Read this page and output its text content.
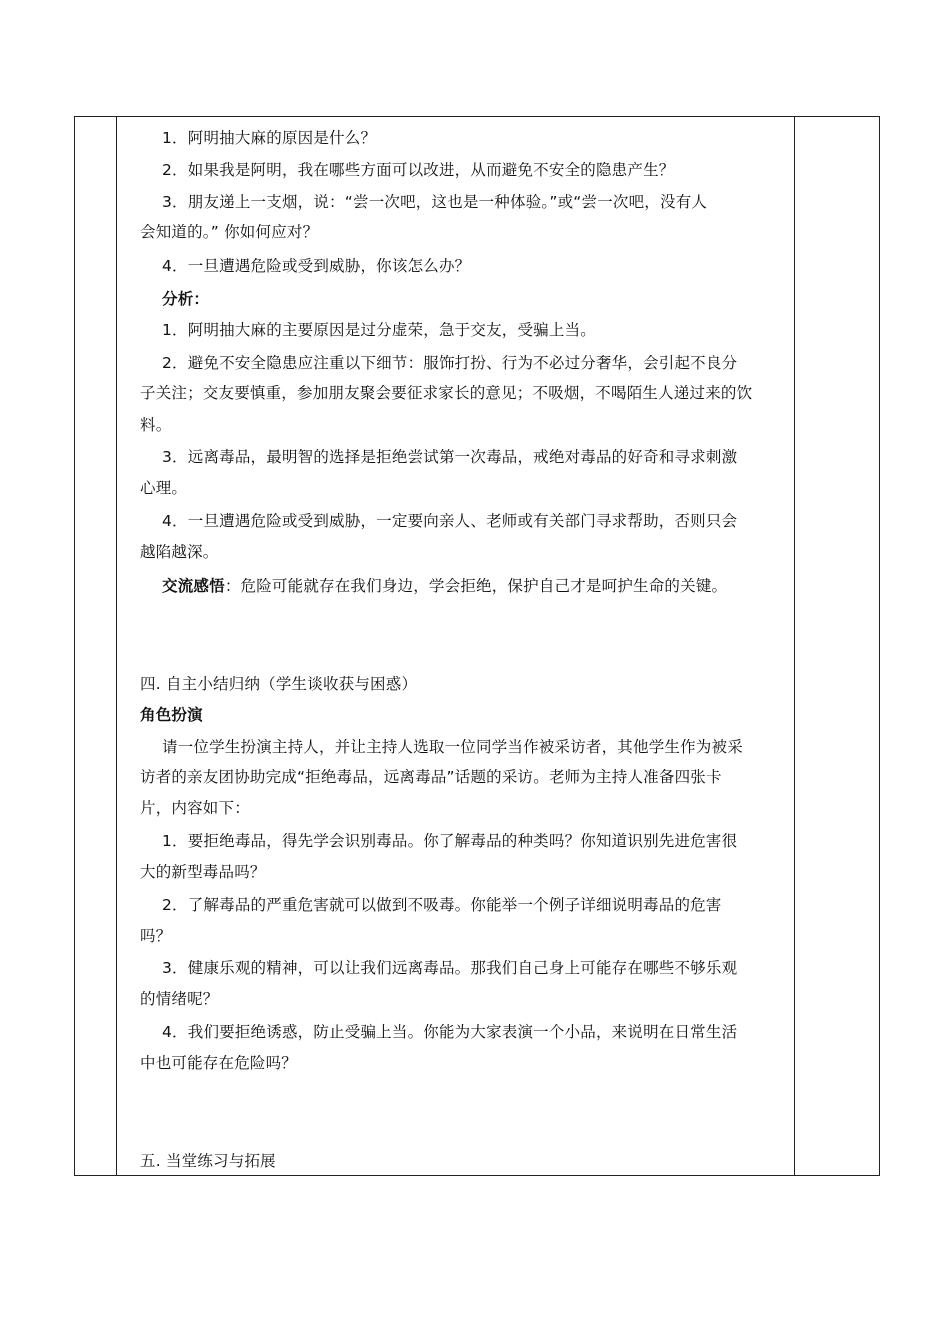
1．阿明抽大麻的原因是什么？
2．如果我是阿明，我在哪些方面可以改进，从而避免不安全的隐患产生？
3．朋友递上一支烟，说：“尝一次吧，这也是一种体验。”或“尝一次吧，没有人
会知道的。” 你如何应对？
4．一旦遭遇危险或受到威胁，你该怎么办？
分析：
1．阿明抽大麻的主要原因是过分虚荣，急于交友，受骗上当。
2．避免不安全隐患应注重以下细节：服饰打扮、行为不必过分奢华，会引起不良分
子关注；交友要慎重，参加朋友聚会要征求家长的意见；不吸烟，不喝陌生人递过来的饮
料。
3．远离毒品，最明智的选择是拒绝尝试第一次毒品，戒绝对毒品的好奇和寻求刺激
心理。
4．一旦遭遇危险或受到威胁，一定要向亲人、老师或有关部门寻求帮助，否则只会
越陷越深。
交流感悟：危险可能就存在我们身边，学会拒绝，保护自己才是呵护生命的关键。
四. 自主小结归纳（学生谈收获与困惑）
角色扮演
请一位学生扮演主持人，并让主持人选取一位同学当作被采访者，其他学生作为被采
访者的亲友团协助完成“拒绝毒品，远离毒品”话题的采访。老师为主持人准备四张卡
片，内容如下：
1．要拒绝毒品，得先学会识别毒品。你了解毒品的种类吗？你知道识别先进危害很
大的新型毒品吗？
2．了解毒品的严重危害就可以做到不吸毒。你能举一个例子详细说明毒品的危害
吗？
3．健康乐观的精神，可以让我们远离毒品。那我们自己身上可能存在哪些不够乐观
的情绪呢？
4．我们要拒绝诱惑，防止受骗上当。你能为大家表演一个小品，来说明在日常生活
中也可能存在危险吗？
五. 当堂练习与拓展
